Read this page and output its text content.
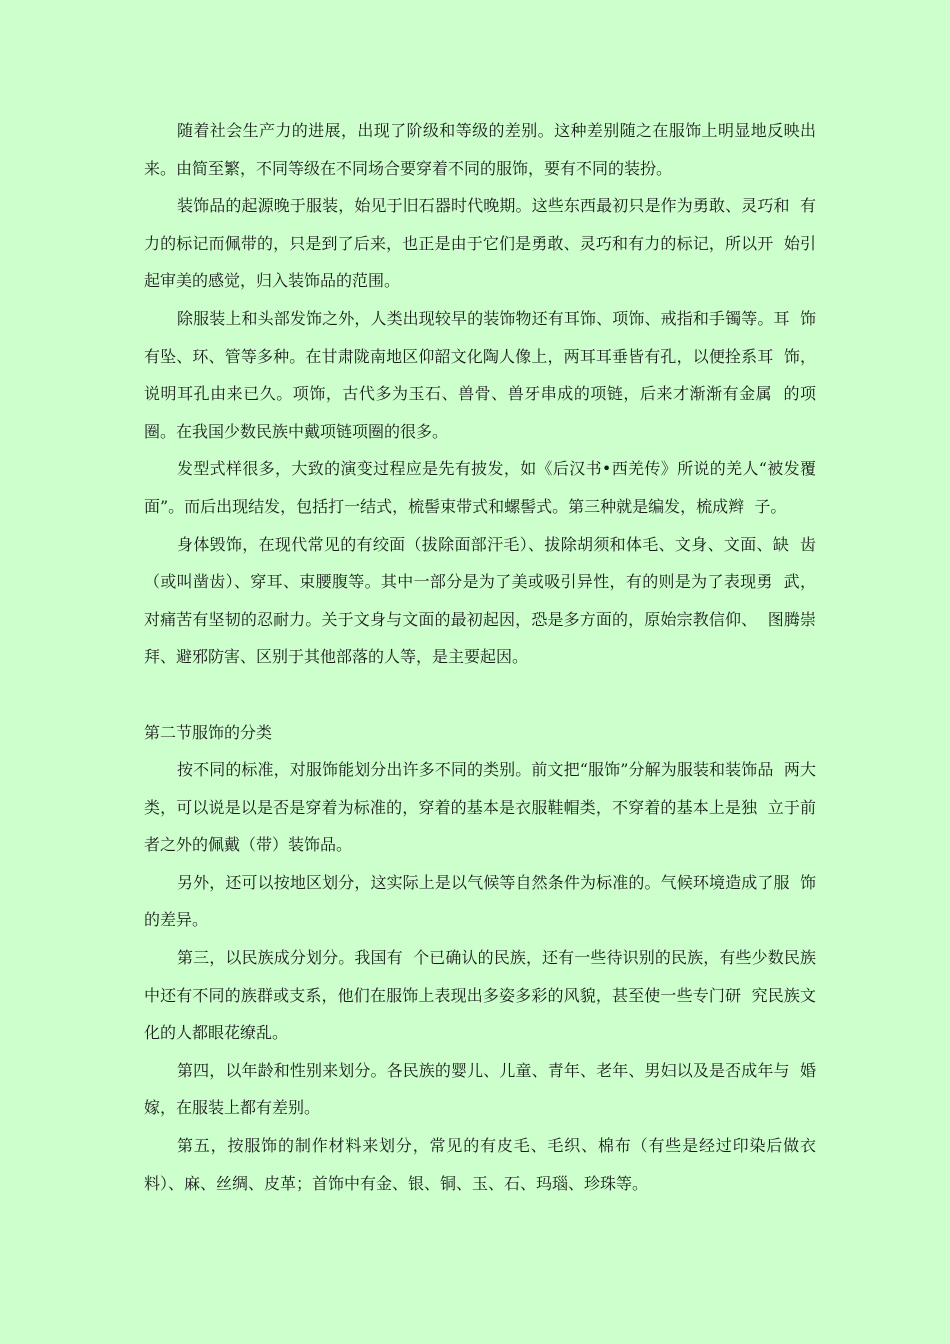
随着社会生产力的进展，出现了阶级和等级的差别。这种差别随之在服饰上明显地反映出来。由简至繁，不同等级在不同场合要穿着不同的服饰，要有不同的装扮。

装饰品的起源晚于服装，始见于旧石器时代晚期。这些东西最初只是作为勇敢、灵巧和  有力的标记而佩带的，只是到了后来，也正是由于它们是勇敢、灵巧和有力的标记，所以开  始引起审美的感觉，归入装饰品的范围。

除服装上和头部发饰之外，人类出现较早的装饰物还有耳饰、项饰、戒指和手镯等。耳  饰有坠、环、管等多种。在甘肃陇南地区仰韶文化陶人像上，两耳耳垂皆有孔，以便拴系耳  饰，说明耳孔由来已久。项饰，古代多为玉石、兽骨、兽牙串成的项链，后来才渐渐有金属  的项圈。在我国少数民族中戴项链项圈的很多。

发型式样很多，大致的演变过程应是先有披发，如《后汉书•西羌传》所说的羌人“被发覆面”。而后出现结发，包括打一结式，梳髻束带式和螺髻式。第三种就是编发，梳成辫  子。

身体毁饰，在现代常见的有绞面（拔除面部汗毛）、拔除胡须和体毛、文身、文面、缺  齿（或叫凿齿）、穿耳、束腰腹等。其中一部分是为了美或吸引异性，有的则是为了表现勇  武，对痛苦有坚韧的忍耐力。关于文身与文面的最初起因，恐是多方面的，原始宗教信仰、  图腾崇拜、避邪防害、区别于其他部落的人等，是主要起因。

第二节服饰的分类

按不同的标准，对服饰能划分出许多不同的类别。前文把“服饰”分解为服装和装饰品  两大类，可以说是以是否是穿着为标准的，穿着的基本是衣服鞋帽类，不穿着的基本上是独  立于前者之外的佩戴（带）装饰品。

另外，还可以按地区划分，这实际上是以气候等自然条件为标准的。气候环境造成了服  饰的差异。

第三，以民族成分划分。我国有  个已确认的民族，还有一些待识别的民族，有些少数民族中还有不同的族群或支系，他们在服饰上表现出多姿多彩的风貌，甚至使一些专门研  究民族文化的人都眼花缭乱。

第四，以年龄和性别来划分。各民族的婴儿、儿童、青年、老年、男妇以及是否成年与  婚嫁，在服装上都有差别。

第五，按服饰的制作材料来划分，常见的有皮毛、毛织、棉布（有些是经过印染后做衣  料）、麻、丝绸、皮革；首饰中有金、银、铜、玉、石、玛瑙、珍珠等。
